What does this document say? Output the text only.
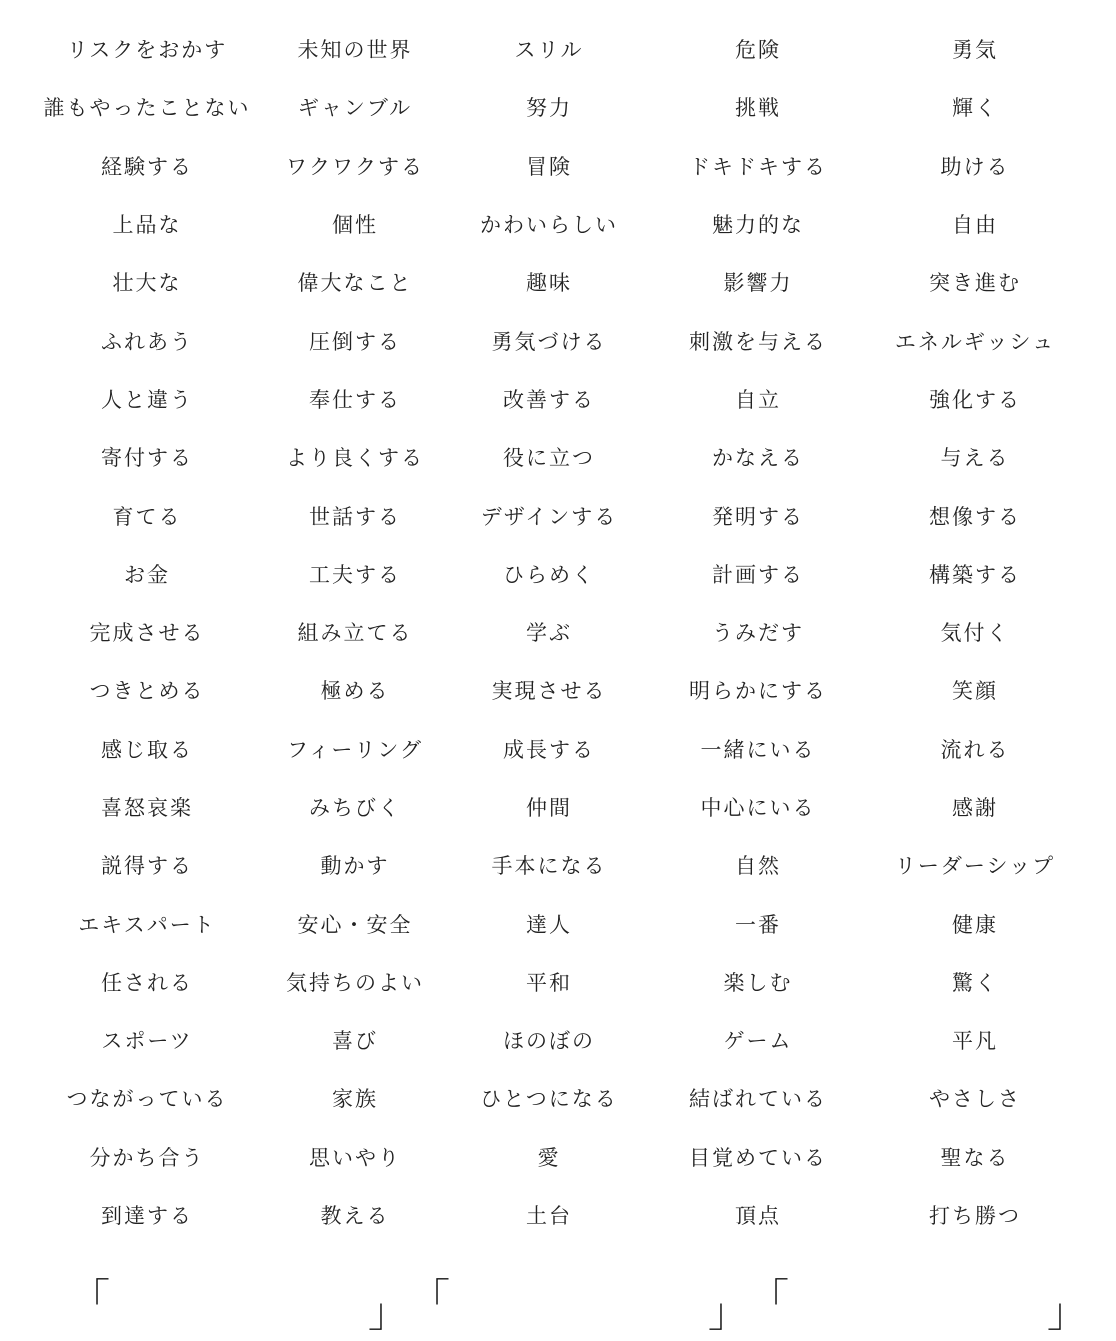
リスクをおかす	未知の世界	スリル	危険	勇気
誰もやったことない	ギャンブル	努力	挑戦	輝く
経験する	ワクワクする	冒険	ドキドキする	助ける
上品な	個性	かわいらしい	魅力的な	自由
壮大な	偉大なこと	趣味	影響力	突き進む
ふれあう	圧倒する	勇気づける	刺激を与える	エネルギッシュ
人と違う	奉仕する	改善する	自立	強化する
寄付する	より良くする	役に立つ	かなえる	与える
育てる	世話する	デザインする	発明する	想像する
お金	工夫する	ひらめく	計画する	構築する
完成させる	組み立てる	学ぶ	うみだす	気付く
つきとめる	極める	実現させる	明らかにする	笑顔
感じ取る	フィーリング	成長する	一緒にいる	流れる
喜怒哀楽	みちびく	仲間	中心にいる	感謝
説得する	動かす	手本になる	自然	リーダーシップ
エキスパート	安心・安全	達人	一番	健康
任される	気持ちのよい	平和	楽しむ	驚く
スポーツ	喜び	ほのぼの	ゲーム	平凡
つながっている	家族	ひとつになる	結ばれている	やさしさ
分かち合う	思いやり	愛	目覚めている	聖なる
到達する	教える	土台	頂点	打ち勝つ
「	」 「	」 「	」
